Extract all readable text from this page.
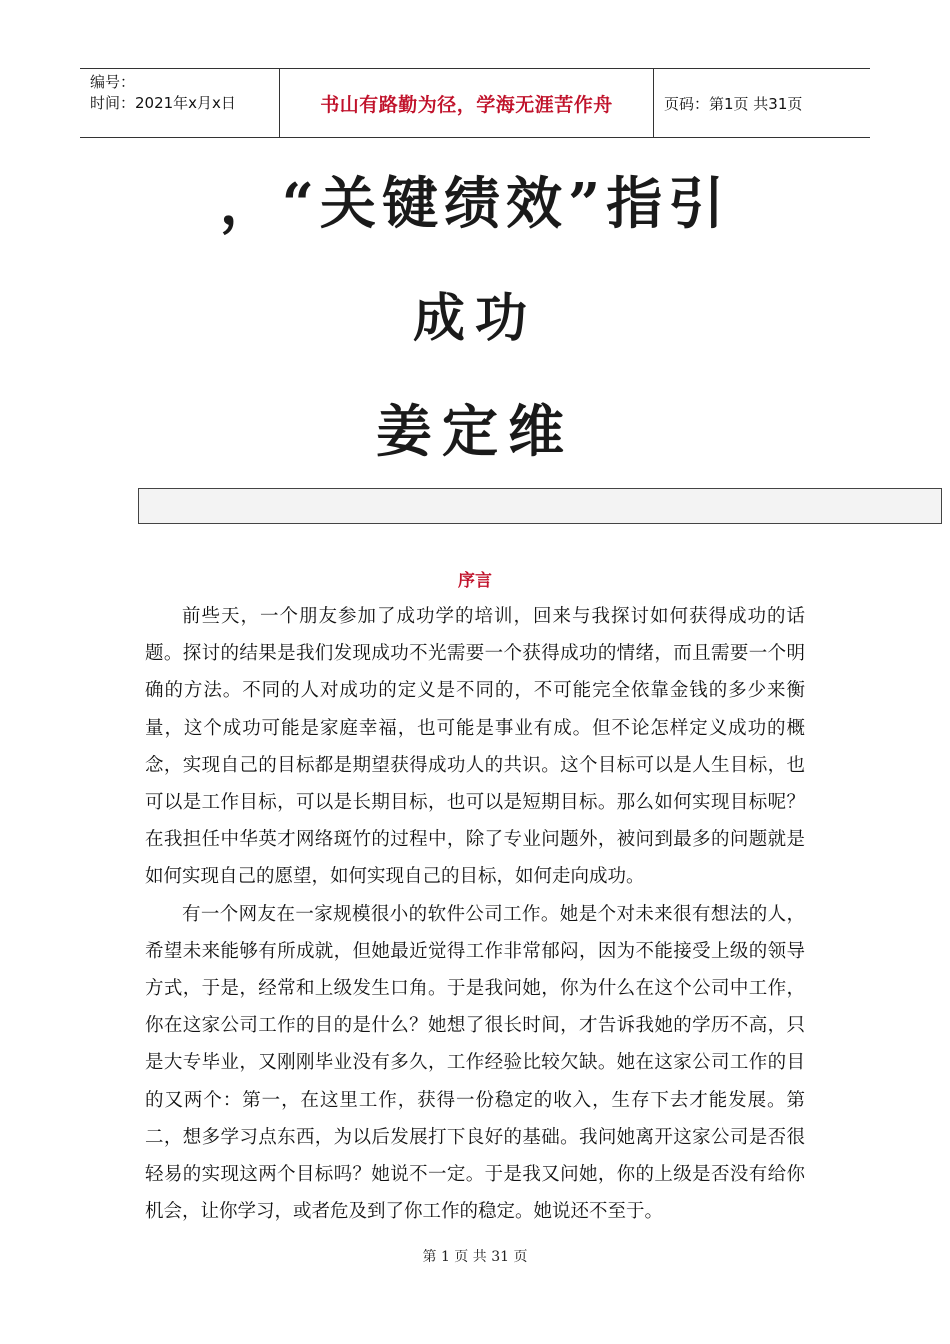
编号：
时间：2021年x月x日	书山有路勤为径，学海无涯苦作舟	页码：第1页 共31页
，“关键绩效”指引
成功
姜定维
序言

前些天，一个朋友参加了成功学的培训，回来与我探讨如何获得成功的话题。探讨的结果是我们发现成功不光需要一个获得成功的情绪，而且需要一个明确的方法。不同的人对成功的定义是不同的，不可能完全依靠金钱的多少来衡量，这个成功可能是家庭幸福，也可能是事业有成。但不论怎样定义成功的概念，实现自己的目标都是期望获得成功人的共识。这个目标可以是人生目标，也可以是工作目标，可以是长期目标，也可以是短期目标。那么如何实现目标呢？在我担任中华英才网络斑竹的过程中，除了专业问题外，被问到最多的问题就是如何实现自己的愿望，如何实现自己的目标，如何走向成功。

有一个网友在一家规模很小的软件公司工作。她是个对未来很有想法的人，希望未来能够有所成就，但她最近觉得工作非常郁闷，因为不能接受上级的领导方式，于是，经常和上级发生口角。于是我问她，你为什么在这个公司中工作，你在这家公司工作的目的是什么？她想了很长时间，才告诉我她的学历不高，只是大专毕业，又刚刚毕业没有多久，工作经验比较欠缺。她在这家公司工作的目的又两个：第一，在这里工作，获得一份稳定的收入，生存下去才能发展。第二，想多学习点东西，为以后发展打下良好的基础。我问她离开这家公司是否很轻易的实现这两个目标吗？她说不一定。于是我又问她，你的上级是否没有给你机会，让你学习，或者危及到了你工作的稳定。她说还不至于。

第 1 页 共 31 页
